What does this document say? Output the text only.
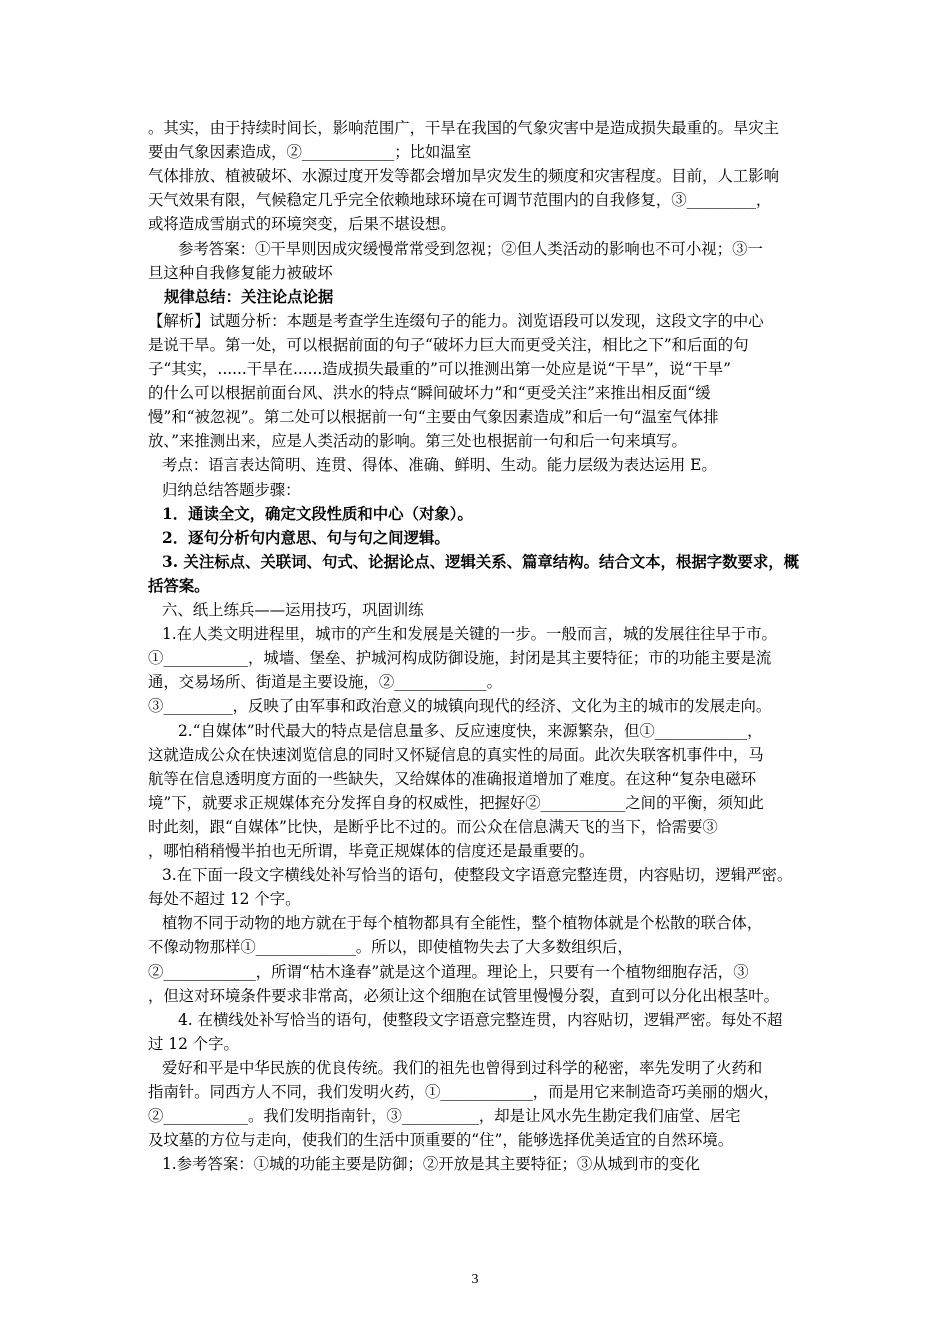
。其实，由于持续时间长，影响范围广，干旱在我国的气象灾害中是造成损失最重的。旱灾主
要由气象因素造成，②____________；比如温室
气体排放、植被破坏、水源过度开发等都会增加旱灾发生的频度和灾害程度。目前，人工影响
天气效果有限，气候稳定几乎完全依赖地球环境在可调节范围内的自我修复，③_________，
或将造成雪崩式的环境突变，后果不堪设想。
参考答案：①干旱则因成灾缓慢常常受到忽视；②但人类活动的影响也不可小视；③一
旦这种自我修复能力被破坏
规律总结：关注论点论据
【解析】试题分析：本题是考查学生连缀句子的能力。浏览语段可以发现，这段文字的中心
是说干旱。第一处，可以根据前面的句子“破坏力巨大而更受关注，相比之下”和后面的句
子“其实，......干旱在......造成损失最重的”可以推测出第一处应是说“干旱”，说“干旱”
的什么可以根据前面台风、洪水的特点“瞬间破坏力”和“更受关注”来推出相反面“缓
慢”和“被忽视”。第二处可以根据前一句“主要由气象因素造成”和后一句“温室气体排
放、”来推测出来，应是人类活动的影响。第三处也根据前一句和后一句来填写。
考点：语言表达简明、连贯、得体、准确、鲜明、生动。能力层级为表达运用 E。
归纳总结答题步骤：
1．通读全文，确定文段性质和中心（对象）。
2．逐句分析句内意思、句与句之间逻辑。
3. 关注标点、关联词、句式、论据论点、逻辑关系、篇章结构。结合文本，根据字数要求，概
括答案。
六、纸上练兵——运用技巧，巩固训练
1.在人类文明进程里，城市的产生和发展是关键的一步。一般而言，城的发展往往早于市。
①___________，城墙、堡垒、护城河构成防御设施，封闭是其主要特征；市的功能主要是流
通，交易场所、街道是主要设施，②____________。
③_________，反映了由军事和政治意义的城镇向现代的经济、文化为主的城市的发展走向。
2.“自媒体”时代最大的特点是信息量多、反应速度快，来源繁杂，但①____________，
这就造成公众在快速浏览信息的同时又怀疑信息的真实性的局面。此次失联客机事件中，马
航等在信息透明度方面的一些缺失，又给媒体的准确报道增加了难度。在这种“复杂电磁环
境”下，就要求正规媒体充分发挥自身的权威性，把握好②___________之间的平衡，须知此
时此刻，跟“自媒体”比快，是断乎比不过的。而公众在信息满天飞的当下，恰需要③
，哪怕稍稍慢半拍也无所谓，毕竟正规媒体的信度还是最重要的。
3.在下面一段文字横线处补写恰当的语句，使整段文字语意完整连贯，内容贴切，逻辑严密。
每处不超过 12 个字。
植物不同于动物的地方就在于每个植物都具有全能性，整个植物体就是个松散的联合体，
不像动物那样①_____________。所以，即使植物失去了大多数组织后，
②____________，所谓“枯木逢春”就是这个道理。理论上，只要有一个植物细胞存活，③
，但这对环境条件要求非常高，必须让这个细胞在试管里慢慢分裂，直到可以分化出根茎叶。
4. 在横线处补写恰当的语句，使整段文字语意完整连贯，内容贴切，逻辑严密。每处不超
过 12 个字。
爱好和平是中华民族的优良传统。我们的祖先也曾得到过科学的秘密，率先发明了火药和
指南针。同西方人不同，我们发明火药，①____________，而是用它来制造奇巧美丽的烟火，
②___________。我们发明指南针，③__________，却是让风水先生勘定我们庙堂、居宅
及坟墓的方位与走向，使我们的生活中顶重要的“住”，能够选择优美适宜的自然环境。
1.参考答案：①城的功能主要是防御；②开放是其主要特征；③从城到市的变化
3
